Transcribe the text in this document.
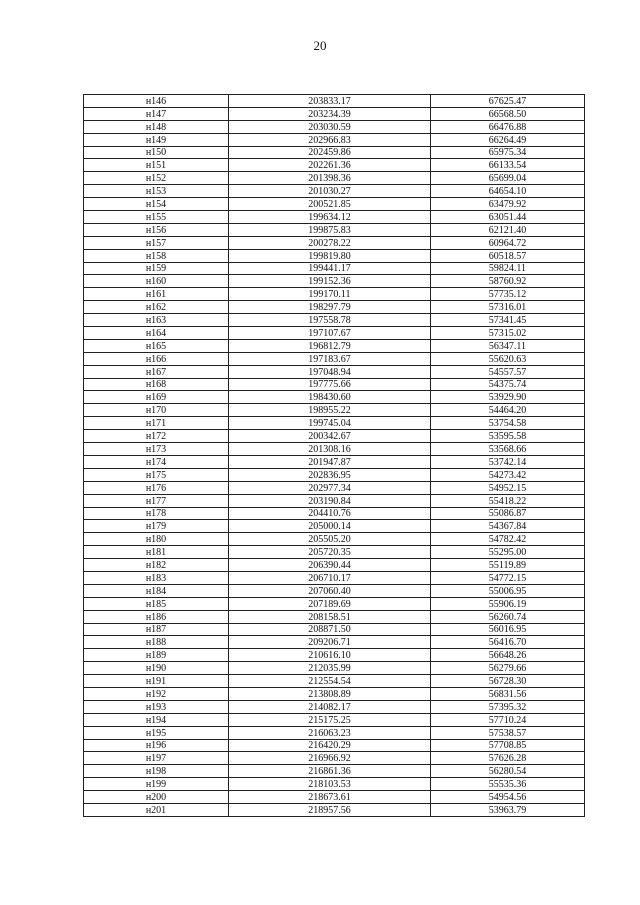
20
н146	203833.17	67625.47
н147	203234.39	66568.50
н148	203030.59	66476.88
н149	202966.83	66264.49
н150	202459.86	65975.34
н151	202261.36	66133.54
н152	201398.36	65699.04
н153	201030.27	64654.10
н154	200521.85	63479.92
н155	199634.12	63051.44
н156	199875.83	62121.40
н157	200278.22	60964.72
н158	199819.80	60518.57
н159	199441.17	59824.11
н160	199152.36	58760.92
н161	199170.11	57735.12
н162	198297.79	57316.01
н163	197558.78	57341.45
н164	197107.67	57315.02
н165	196812.79	56347.11
н166	197183.67	55620.63
н167	197048.94	54557.57
н168	197775.66	54375.74
н169	198430.60	53929.90
н170	198955.22	54464.20
н171	199745.04	53754.58
н172	200342.67	53595.58
н173	201308.16	53568.66
н174	201947.87	53742.14
н175	202836.95	54273.42
н176	202977.34	54952.15
н177	203190.84	55418.22
н178	204410.76	55086.87
н179	205000.14	54367.84
н180	205505.20	54782.42
н181	205720.35	55295.00
н182	206390.44	55119.89
н183	206710.17	54772.15
н184	207060.40	55006.95
н185	207189.69	55906.19
н186	208158.51	56260.74
н187	208871.50	56016.95
н188	209206.71	56416.70
н189	210616.10	56648.26
н190	212035.99	56279.66
н191	212554.54	56728.30
н192	213808.89	56831.56
н193	214082.17	57395.32
н194	215175.25	57710.24
н195	216063.23	57538.57
н196	216420.29	57708.85
н197	216966.92	57626.28
н198	216861.36	56280.54
н199	218103.53	55535.36
н200	218673.61	54954.56
н201	218957.56	53963.79
